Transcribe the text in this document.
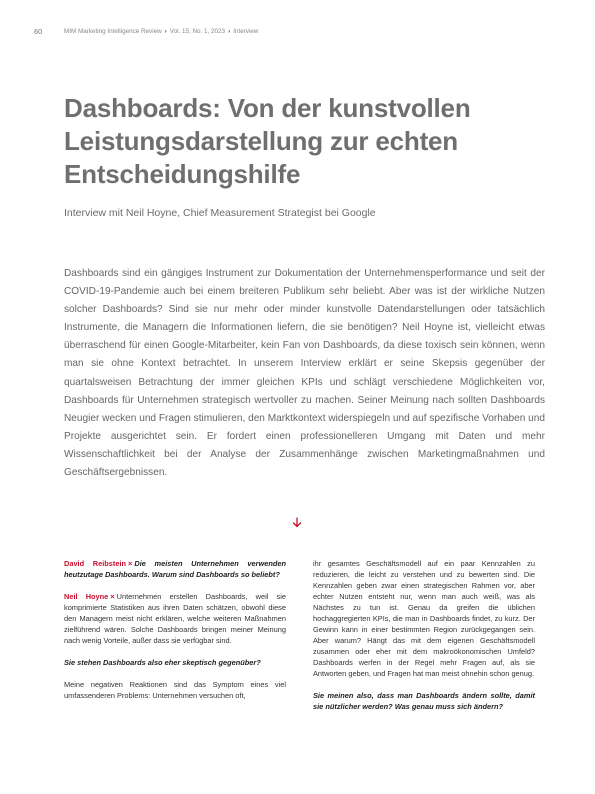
60	MIM Marketing Intelligence Review › Vol. 15, No. 1, 2023 › Interview
Dashboards: Von der kunstvollen Leistungsdarstellung zur echten Entscheidungshilfe
Interview mit Neil Hoyne, Chief Measurement Strategist bei Google

Dashboards sind ein gängiges Instrument zur Dokumentation der Unternehmensperformance und seit der COVID-19-Pandemie auch bei einem breiteren Publikum sehr beliebt. Aber was ist der wirkliche Nutzen solcher Dashboards? Sind sie nur mehr oder minder kunstvolle Datendarstellungen oder tatsächlich Instrumente, die Managern die Informationen liefern, die sie benötigen? Neil Hoyne ist, vielleicht etwas überraschend für einen Google-Mitarbeiter, kein Fan von Dashboards, da diese toxisch sein können, wenn man sie ohne Kontext betrachtet. In unserem Interview erklärt er seine Skepsis gegenüber der quartalsweisen Betrachtung der immer gleichen KPIs und schlägt verschiedene Möglichkeiten vor, Dashboards für Unternehmen strategisch wertvoller zu machen. Seiner Meinung nach sollten Dashboards Neugier wecken und Fragen stimulieren, den Marktkontext widerspiegeln und auf spezifische Vorhaben und Projekte ausgerichtet sein. Er fordert einen professionelleren Umgang mit Daten und mehr Wissenschaftlichkeit bei der Analyse der Zusammenhänge zwischen Marketingmaßnahmen und Geschäftsergebnissen.

David Reibstein × Die meisten Unternehmen verwenden heutzutage Dashboards. Warum sind Dashboards so beliebt?

Neil Hoyne × Unternehmen erstellen Dashboards, weil sie komprimierte Statistiken aus ihren Daten schätzen, obwohl diese den Managern meist nicht erklären, welche weiteren Maßnahmen zielführend wären. Solche Dashboards bringen meiner Meinung nach wenig Vorteile, außer dass sie verfügbar sind.

Sie stehen Dashboards also eher skeptisch gegenüber?

Meine negativen Reaktionen sind das Symptom eines viel umfassenderen Problems: Unternehmen versuchen oft,

ihr gesamtes Geschäftsmodell auf ein paar Kennzahlen zu reduzieren, die leicht zu verstehen und zu bewerten sind. Die Kennzahlen geben zwar einen strategischen Rahmen vor, aber echter Nutzen entsteht nur, wenn man auch weiß, was als Nächstes zu tun ist. Genau da greifen die üblichen hochaggregierten KPIs, die man in Dashboards findet, zu kurz. Der Gewinn kann in einer bestimmten Region zurückgegangen sein. Aber warum? Hängt das mit dem eigenen Geschäftsmodell zusammen oder eher mit dem makroökonomischen Umfeld? Dashboards werfen in der Regel mehr Fragen auf, als sie Antworten geben, und Fragen hat man meist ohnehin schon genug.

Sie meinen also, dass man Dashboards ändern sollte, damit sie nützlicher werden? Was genau muss sich ändern?
